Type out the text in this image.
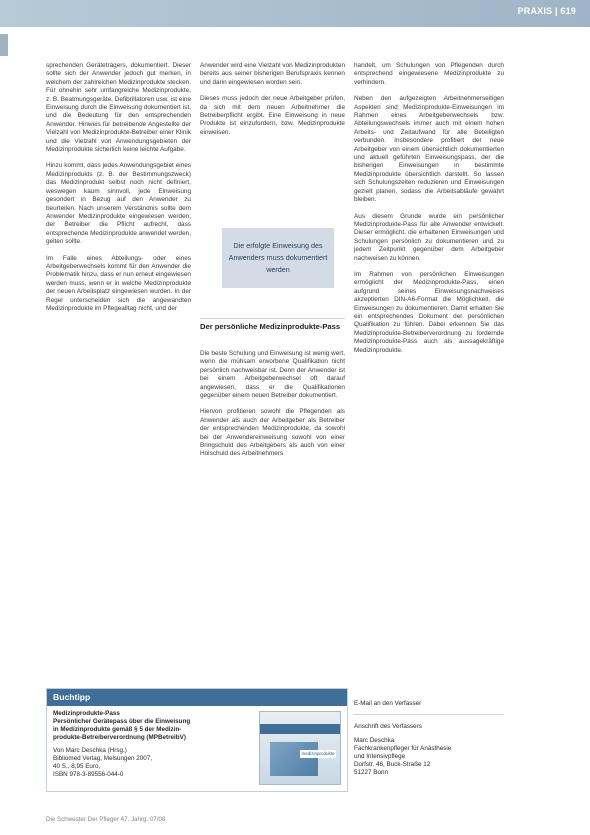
PRAXIS | 619

sprechenden Geräteträgers, dokumentiert. Dieser sollte sich der Anwender jedoch gut merken, in welchem der zahlreichen Medizinprodukte stecken. Für ohnehin sehr umfangreiche Medizinprodukte, z. B. Beatmungsgeräte, Defibrillatoren usw. ist eine Einweisung durch die Einweisung dokumentiert ist, und die Bedeutung für den entsprechenden Anwender. Hinweis für betreibende Angestellte der Vielzahl von Medizinprodukte-Betreiber einer Klinik und die Vielzahl von Anwendungsgebieten der Medizinprodukte sicherlich keine leichte Aufgabe.

Hinzu kommt, dass jedes Anwendungsgebiet eines Medizinprodukts (z. B. der Bestimmungszweck) das Medizinprodukt selbst noch nicht definiert, weswegen kaum sinnvoll, jede Einweisung gesondert in Bezug auf den Anwender zu beurteilen. Nach unserem Verständnis sollte dem Anwender Medizinprodukte eingewiesen werden, der Betreiber die Pflicht aufrecht, dass entsprechende Medizinprodukte anwendet werden, gelten sollte.

Im Falle eines Abteilungs- oder eines Arbeitgeberwechsels kommt für den Anwender die Problematik hinzu, dass er nun erneut eingewiesen werden muss, wenn er in welche Medizinprodukte der neuen Arbeitsplatz eingewiesen wurden. In der Regel unterscheiden sich die angewandten Medizinprodukte im Pflegealltag nicht, und der

Anwender wird eine Vielzahl von Medizinprodukten bereits aus seiner bisherigen Berufspraxis kennen und darin eingewiesen worden sein.

Dieses muss jedoch der neue Arbeitgeber prüfen, da sich mit dem neuen Arbeitnehmer die Betreiberpflicht ergibt. Eine Einweisung in neue Produkte ist einzufordern, bzw. Medizinprodukte einweisen.

Die erfolgte Einweisung des Anwenders muss dokumentiert werden
Der persönliche Medizinprodukte-Pass

Die beste Schulung und Einweisung ist wenig wert, wenn die mühsam erworbene Qualifikation nicht persönlich nachweisbar ist. Denn der Anwender ist bei einem Arbeitgeberwechsel oft darauf angewiesen, dass er die Qualifikationen gegenüber einem neuen Betreiber dokumentiert.

Hiervon profitieren sowohl die Pflegenden als Anwender als auch der Arbeitgeber als Betreiber der entsprechenden Medizinprodukte, da sowohl bei der Anwendereinweisung sowohl von einer Bringschuld des Arbeitgebers als auch von einer Holschuld des Arbeitnehmers

handelt, um Schulungen von Pflegenden durch entsprechend eingewiesene Medizinprodukte zu verhindern.

Neben den aufgezeigten Arbeitnehmerseitigen Aspekten sind Medizinprodukte-Einweisungen im Rahmen eines Arbeitgeberwechsels bzw. Abteilungswechsels immer auch mit einem hohen Arbeits- und Zeitaufwand für alle Beteiligten verbunden. Insbesondere profitiert der neue Arbeitgeber von einem übersichtlich dokumentierten und aktuell geführten Einweisungspass, der die bisherigen Einweisungen in bestimmte Medizinprodukte übersichtlich darstellt. So lassen sich Schulungszeiten reduzieren und Einweisungen gezielt planen, sodass die Arbeitsabläufe gewahrt bleiben.

Aus diesem Grunde wurde ein persönlicher Medizinprodukte-Pass für alle Anwender entwickelt. Dieser ermöglicht, die erhaltenen Einweisungen und Schulungen persönlich zu dokumentieren und zu jedem Zeitpunkt gegenüber dem Arbeitgeber nachweisen zu können.

Im Rahmen von persönlichen Einweisungen ermöglicht der Medizinprodukte-Pass, einen aufgrund seines Einweisungsnachweises akzeptierten DIN-A6-Format die Möglichkeit, die Einweisungen zu dokumentieren. Damit erhalten Sie ein entsprechendes Dokument der persönlichen Qualifikation zu führen. Dabei erkennen Sie das Medizinprodukte-Betreiberverordnung zu fordernde Medizinprodukte-Pass auch als aussagekräftige Medizinprodukte.

Buchtipp
Medizinprodukte-Pass
Persönlicher Gerätepass über die Einweisung
in Medizinprodukte gemäß § 5 der Medizin-
produkte-Betreiberverordnung (MPBetreibV)
Von Marc Deschka (Hrsg.)
Bibliomed Verlag, Melsungen 2007,
40 S., 8,95 Euro,
ISBN 978-3-89556-044-0
medizinprodukte
E-Mail an den Verfasser
Anschrift des Verfassers
Marc Deschka
Fachkrankenpfleger für Anästhesie
und Intensivpflege
Dorfstr. 46, Buck-Straße 12
51227 Bonn
Die Schwester Der Pfleger 47. Jahrg. 07/08
